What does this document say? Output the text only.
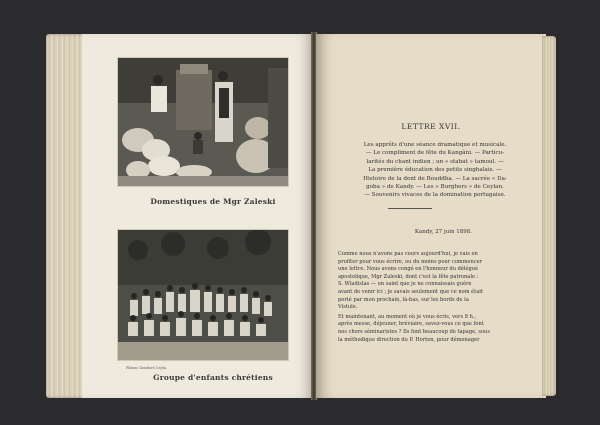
Domestiques de Mgr Zaleski
Platon Cumberé Ceyla.
Groupe d'enfants chrétiens
LETTRE XVII.
Les apprêts d'une séance dramatique et musicale.
— Le compliment de fête du Kangâni. — Particu-
larités du chant indien ; un « stabat » tamoul. —
La première éducation des petits singhalais. —
Histoire de la dent de Bouddha. — La sacrée « Da-
goba » de Kandy. — Les « Burghers » de Ceylan.
— Souvenirs vivaces de la domination portugaise.
Kandy, 27 juin 1898.

Comme nous n'avons pas cours aujourd'hui, je vais en
profiter pour vous écrire, ou du moins pour commencer
une lettre. Nous avons congé en l'honneur du délégué
apostolique, Mgr Zaleski, dont c'est la fête patronale :
S. Wladislas — un saint que je ne connaissais guère
avant de venir ici ; je savais seulement que ce nom était
porté par mon prochain, là-bas, sur les bords de la
Vistule.

Et maintenant, au moment où je vous écris, vers 8 h.,
après messe, déjeuner, bréviaire, savez-vous ce que font
nos chers séminaristes ? Ils font beaucoup de tapage, sous
la méthodique direction du P. Horten, pour démenager
